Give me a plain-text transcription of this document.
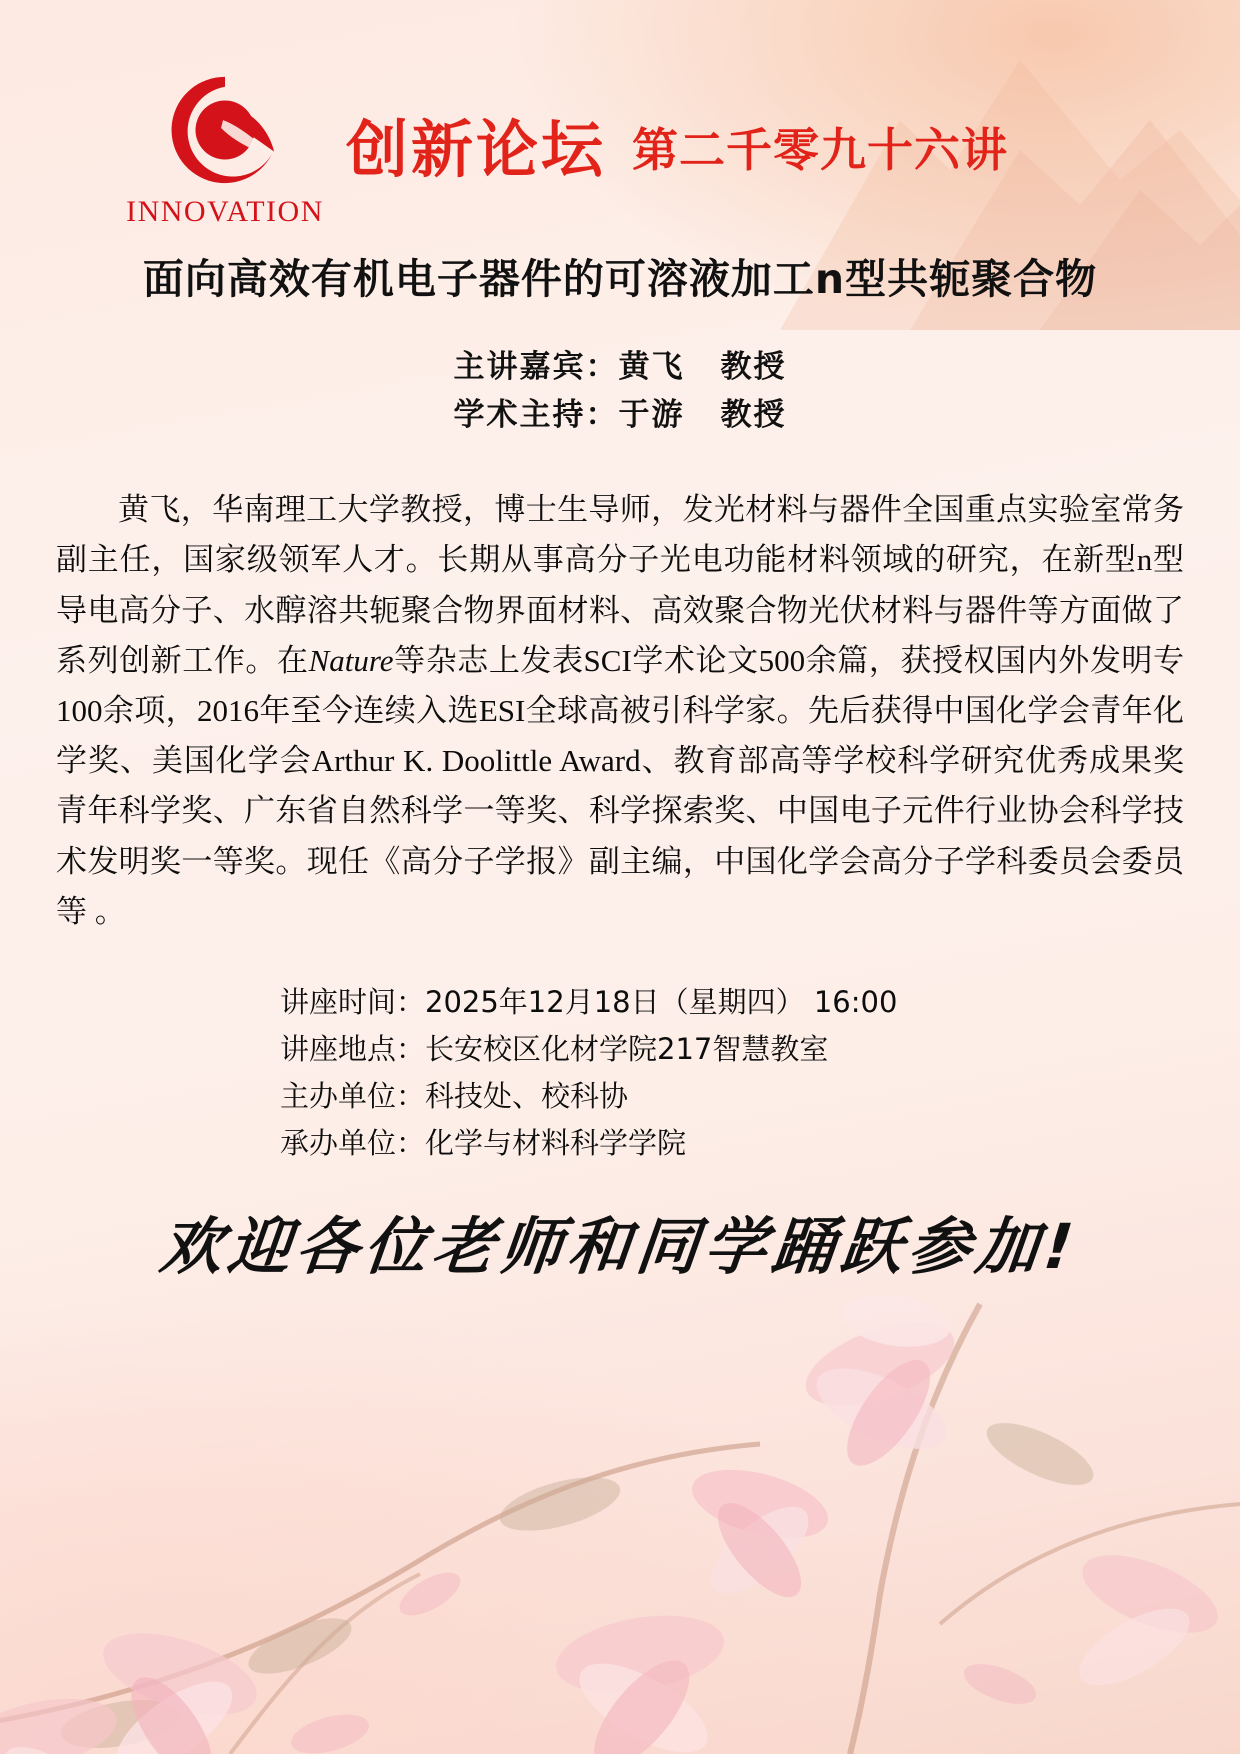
INNOVATION
创新论坛 第二千零九十六讲
面向高效有机电子器件的可溶液加工n型共轭聚合物
主讲嘉宾：黄飞 教授
学术主持：于游 教授
黄飞，华南理工大学教授，博士生导师，发光材料与器件全国重点实验室常务副主任，国家级领军人才。长期从事高分子光电功能材料领域的研究，在新型n型导电高分子、水醇溶共轭聚合物界面材料、高效聚合物光伏材料与器件等方面做了系列创新工作。在Nature等杂志上发表SCI学术论文500余篇，获授权国内外发明专100余项，2016年至今连续入选ESI全球高被引科学家。先后获得中国化学会青年化学奖、美国化学会Arthur K. Doolittle Award、教育部高等学校科学研究优秀成果奖青年科学奖、广东省自然科学一等奖、科学探索奖、中国电子元件行业协会科学技术发明奖一等奖。现任《高分子学报》副主编，中国化学会高分子学科委员会委员等 。
讲座时间：2025年12月18日（星期四） 16:00
讲座地点：长安校区化材学院217智慧教室
主办单位：科技处、校科协
承办单位：化学与材料科学学院
欢迎各位老师和同学踊跃参加!
